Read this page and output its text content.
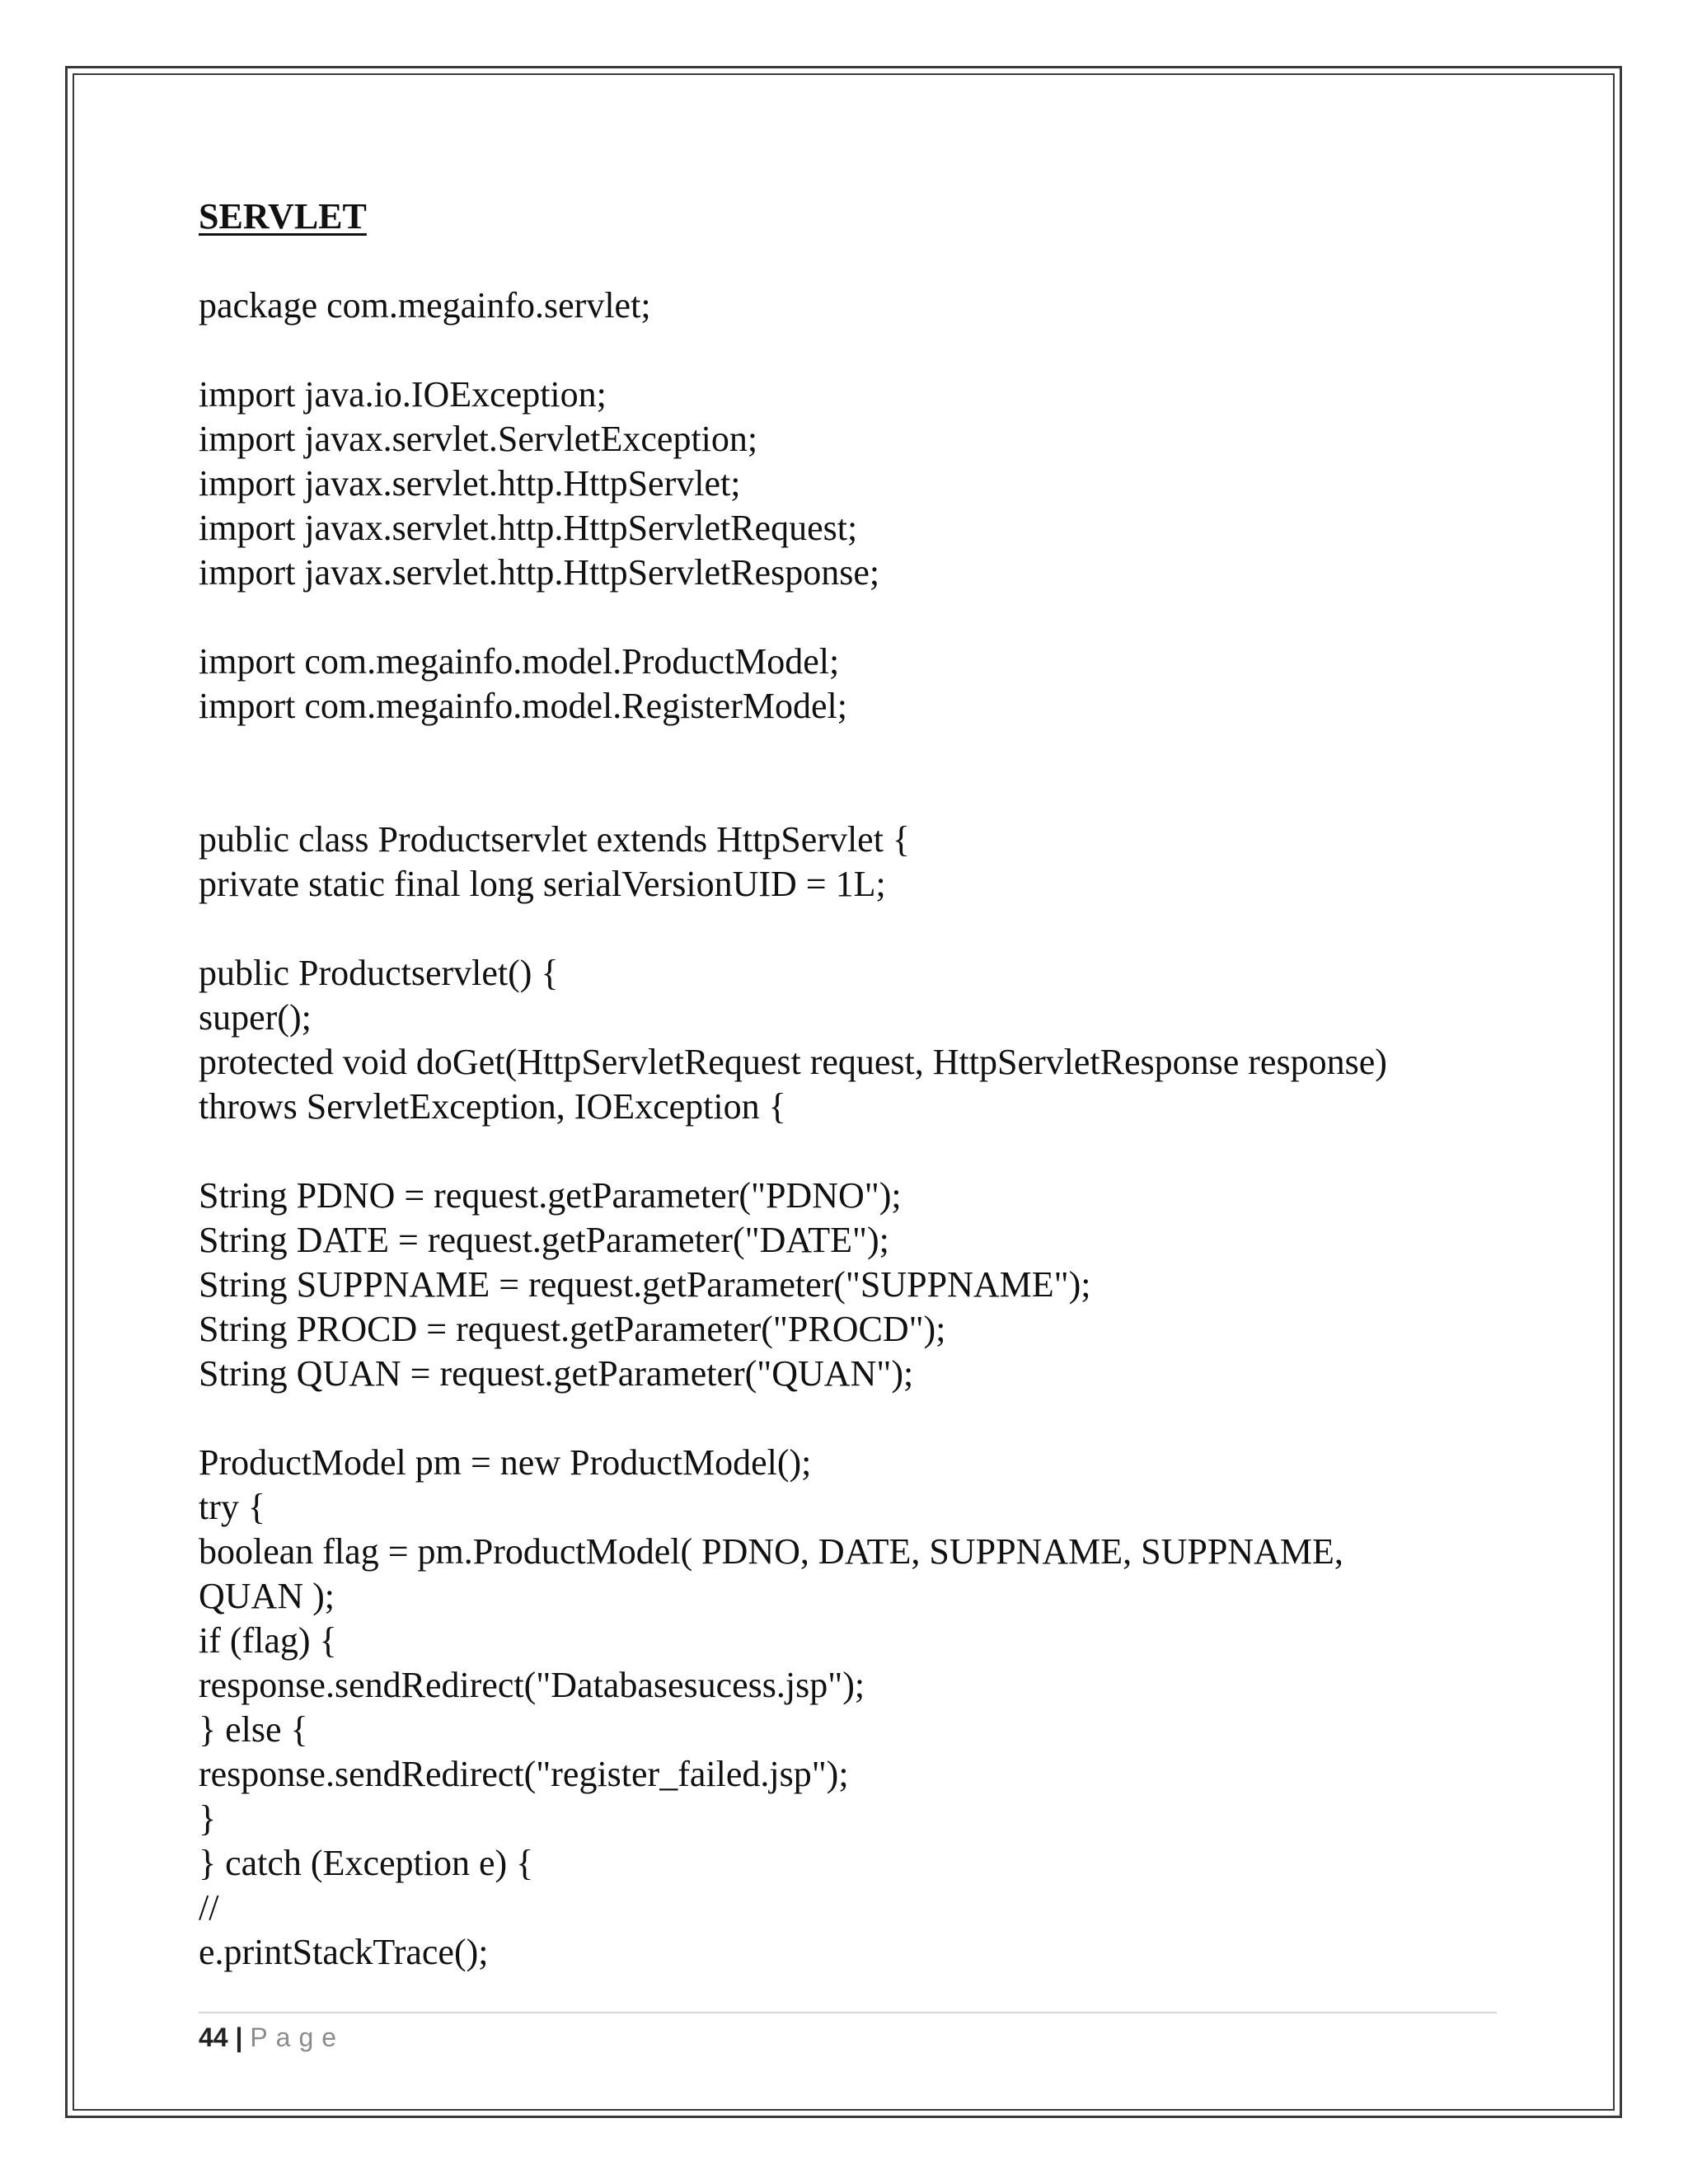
SERVLET
package com.megainfo.servlet;
import java.io.IOException;
import javax.servlet.ServletException;
import javax.servlet.http.HttpServlet;
import javax.servlet.http.HttpServletRequest;
import javax.servlet.http.HttpServletResponse;
import com.megainfo.model.ProductModel;
import com.megainfo.model.RegisterModel;
public class Productservlet extends HttpServlet {
private static final long serialVersionUID = 1L;
public Productservlet() {
super();
protected void doGet(HttpServletRequest request, HttpServletResponse response)
throws ServletException, IOException {
String PDNO = request.getParameter("PDNO");
String DATE = request.getParameter("DATE");
String SUPPNAME = request.getParameter("SUPPNAME");
String PROCD = request.getParameter("PROCD");
String QUAN = request.getParameter("QUAN");
ProductModel pm = new ProductModel();
try {
boolean flag = pm.ProductModel( PDNO, DATE, SUPPNAME, SUPPNAME,
QUAN );
if (flag) {
response.sendRedirect("Databasesucess.jsp");
} else {
response.sendRedirect("register_failed.jsp");
}
} catch (Exception e) {
//
e.printStackTrace();
44 | Page
